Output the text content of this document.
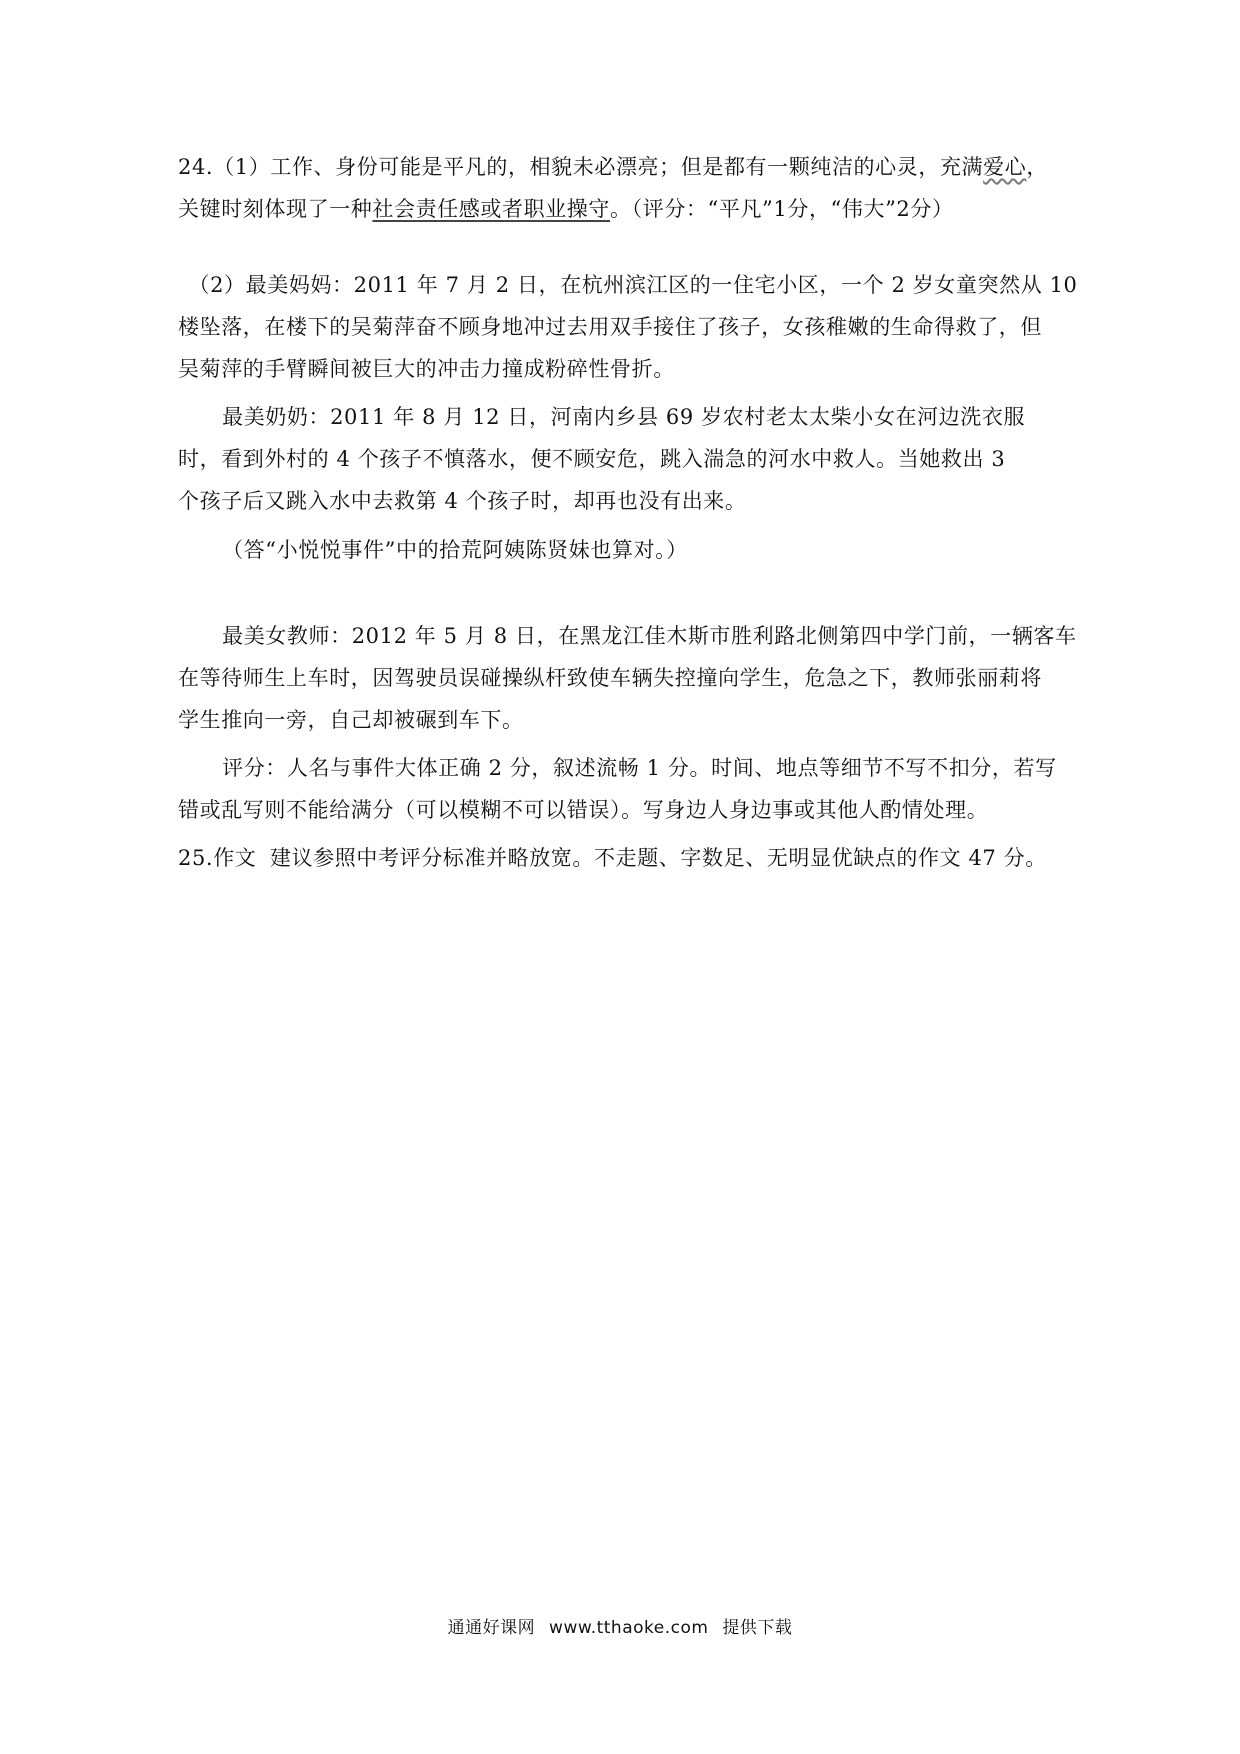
24.（1）工作、身份可能是平凡的，相貌未必漂亮；但是都有一颗纯洁的心灵，充满爱心，
关键时刻体现了一种社会责任感或者职业操守。（评分：“平凡”1分，“伟大”2分）

（2）最美妈妈：2011 年 7 月 2 日，在杭州滨江区的一住宅小区，一个 2 岁女童突然从 10
楼坠落，在楼下的吴菊萍奋不顾身地冲过去用双手接住了孩子，女孩稚嫩的生命得救了，但
吴菊萍的手臂瞬间被巨大的冲击力撞成粉碎性骨折。

最美奶奶：2011 年 8 月 12 日，河南内乡县 69 岁农村老太太柴小女在河边洗衣服
时，看到外村的 4 个孩子不慎落水，便不顾安危，跳入湍急的河水中救人。当她救出 3
个孩子后又跳入水中去救第 4 个孩子时，却再也没有出来。

（答“小悦悦事件”中的拾荒阿姨陈贤妹也算对。）

最美女教师：2012 年 5 月 8 日，在黑龙江佳木斯市胜利路北侧第四中学门前，一辆客车
在等待师生上车时，因驾驶员误碰操纵杆致使车辆失控撞向学生，危急之下，教师张丽莉将
学生推向一旁，自己却被碾到车下。

评分：人名与事件大体正确 2 分，叙述流畅 1 分。时间、地点等细节不写不扣分，若写
错或乱写则不能给满分（可以模糊不可以错误）。写身边人身边事或其他人酌情处理。

25.作文 建议参照中考评分标准并略放宽。不走题、字数足、无明显优缺点的作文 47 分。

通通好课网 www.tthaoke.com 提供下载
